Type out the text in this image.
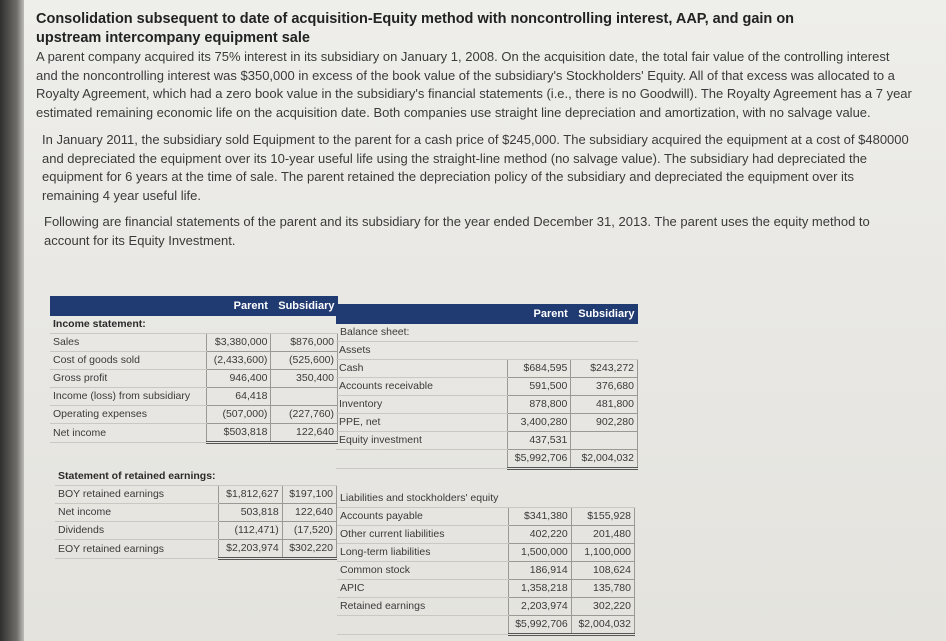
Consolidation subsequent to date of acquisition-Equity method with noncontrolling interest, AAP, and gain on upstream intercompany equipment sale

A parent company acquired its 75% interest in its subsidiary on January 1, 2008. On the acquisition date, the total fair value of the controlling interest and the noncontrolling interest was $350,000 in excess of the book value of the subsidiary's Stockholders' Equity. All of that excess was allocated to a Royalty Agreement, which had a zero book value in the subsidiary's financial statements (i.e., there is no Goodwill). The Royalty Agreement has a 7 year estimated remaining economic life on the acquisition date. Both companies use straight line depreciation and amortization, with no salvage value.

In January 2011, the subsidiary sold Equipment to the parent for a cash price of $245,000. The subsidiary acquired the equipment at a cost of $480000 and depreciated the equipment over its 10-year useful life using the straight-line method (no salvage value). The subsidiary had depreciated the equipment for 6 years at the time of sale. The parent retained the depreciation policy of the subsidiary and depreciated the equipment over its remaining 4 year useful life.

Following are financial statements of the parent and its subsidiary for the year ended December 31, 2013. The parent uses the equity method to account for its Equity Investment.

	Parent	Subsidiary
Income statement:		
Sales	$3,380,000	$876,000
Cost of goods sold	(2,433,600)	(525,600)
Gross profit	946,400	350,400
Income (loss) from subsidiary	64,418	
Operating expenses	(507,000)	(227,760)
Net income	$503,818	122,640
	Parent	Subsidiary
Balance sheet:		
Assets		
Cash	$684,595	$243,272
Accounts receivable	591,500	376,680
Inventory	878,800	481,800
PPE, net	3,400,280	902,280
Equity investment	437,531	
	$5,992,706	$2,004,032
Statement of retained earnings:		
BOY retained earnings	$1,812,627	$197,100
Net income	503,818	122,640
Dividends	(112,471)	(17,520)
EOY retained earnings	$2,203,974	$302,220
Liabilities and stockholders' equity		
Accounts payable	$341,380	$155,928
Other current liabilities	402,220	201,480
Long-term liabilities	1,500,000	1,100,000
Common stock	186,914	108,624
APIC	1,358,218	135,780
Retained earnings	2,203,974	302,220
	$5,992,706	$2,004,032
